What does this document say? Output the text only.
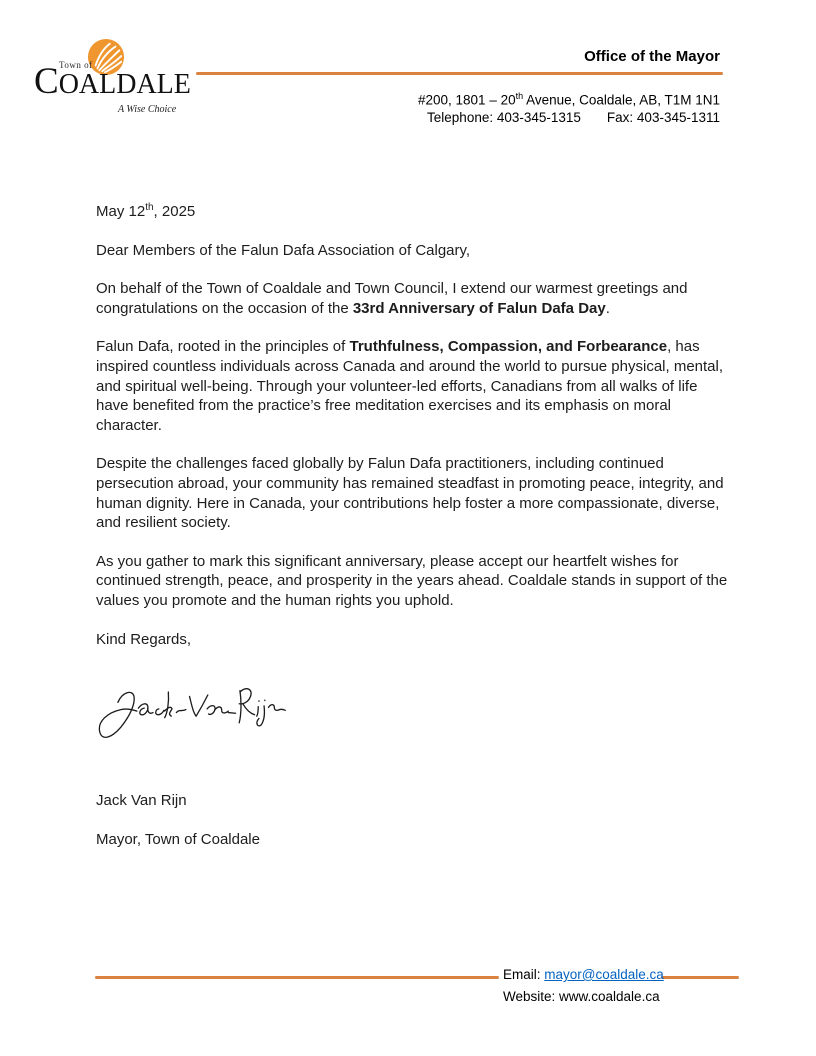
Town of
COALDALE
A Wise Choice
Office of the Mayor
#200, 1801 – 20th Avenue, Coaldale, AB, T1M 1N1
Telephone: 403-345-1315 Fax: 403-345-1311

May 12th, 2025

Dear Members of the Falun Dafa Association of Calgary,

On behalf of the Town of Coaldale and Town Council, I extend our warmest greetings and congratulations on the occasion of the 33rd Anniversary of Falun Dafa Day.

Falun Dafa, rooted in the principles of Truthfulness, Compassion, and Forbearance, has inspired countless individuals across Canada and around the world to pursue physical, mental, and spiritual well-being. Through your volunteer-led efforts, Canadians from all walks of life have benefited from the practice’s free meditation exercises and its emphasis on moral character.

Despite the challenges faced globally by Falun Dafa practitioners, including continued persecution abroad, your community has remained steadfast in promoting peace, integrity, and human dignity. Here in Canada, your contributions help foster a more compassionate, diverse, and resilient society.

As you gather to mark this significant anniversary, please accept our heartfelt wishes for continued strength, peace, and prosperity in the years ahead. Coaldale stands in support of the values you promote and the human rights you uphold.

Kind Regards,

Jack Van Rijn

Mayor, Town of Coaldale

Email: mayor@coaldale.ca
Website: www.coaldale.ca
